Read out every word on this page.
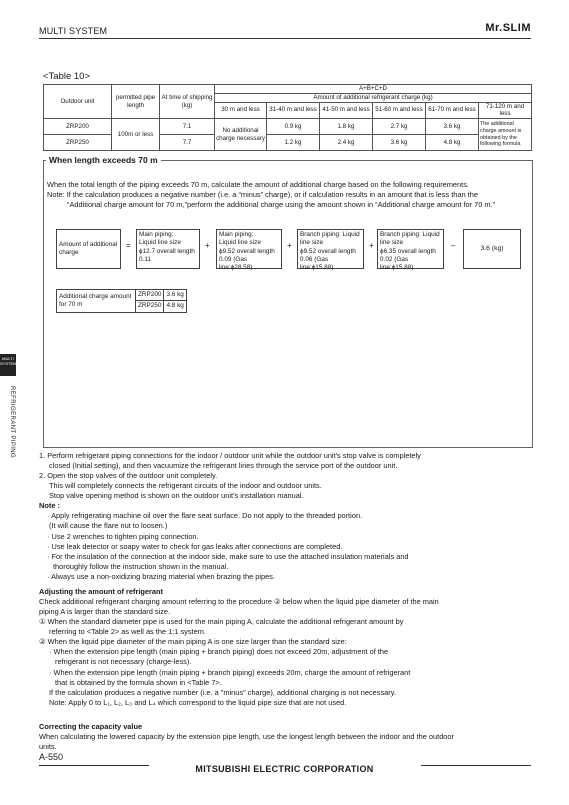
MULTI SYSTEM	Mr.SLIM
<Table 10>
Outdoor unit	permitted pipe length	At time of shipping (kg)	A+B+C+D					
			Amount of additional refrigerant charge (kg)					
			30 m and less	31-40 m and less	41-50 m and less	51-60 m and less	61-70 m and less	71-120 m and less
ZRP200	100m or less	7.1	No additional charge necessary	0.9 kg	1.8 kg	2.7 kg	3.6 kg	The additional charge amount is obtained by the following formula
ZRP250		7.7		1.2 kg	2.4 kg	3.6 kg	4.8 kg	
When length exceeds 70 m

When the total length of the piping exceeds 70 m, calculate the amount of additional charge based on the following requirements.

Note: If the calculation produces a negative number (i.e. a “minus” charge), or if calculation results in an amount that is less than the

“Additional charge amount for 70 m,”perform the additional charge using the amount shown in “Additional charge amount for 70 m.”

Amount of additional charge
=
Main piping:
Liquid line size
ϕ12.7 overall length
0.11
+
Main piping:
Liquid line size
ϕ9.52 overall length
0.09 (Gas line:ϕ28.58)
+
Branch piping: Liquid
line size
ϕ9.52 overall length
0.06 (Gas line:ϕ15.88)
+
Branch piping: Liquid
line size
ϕ6.35 overall length
0.02 (Gas line:ϕ15.88)
–	3.6 (kg)
Additional charge amount for 70 m	ZRP200	3.6 kg
	ZRP250	4.8 kg
MULTI SYSTEM
REFRIGERANT PIPING	1. Perform refrigerant piping connections for the indoor / outdoor unit while the outdoor unit's stop valve is completely

closed (Initial setting), and then vacuumize the refrigerant lines through the service port of the outdoor unit.

2. Open the stop valves of the outdoor unit completely.

This will completely connects the refrigerant circuits of the indoor and outdoor units.

Stop valve opening method is shown on the outdoor unit's installation manual.

Note :

· Apply refrigerating machine oil over the flare seat surface. Do not apply to the threaded portion.

(It will cause the flare nut to loosen.)

· Use 2 wrenches to tighten piping connection.

· Use leak detector or soapy water to check for gas leaks after connections are completed.

· For the insulation of the connection at the indoor side, make sure to use the attached insulation materials and

thoroughly follow the instruction shown in the manual.

· Always use a non-oxidizing brazing material when brazing the pipes.

Adjusting the amount of refrigerant

Check additional refrigerant charging amount referring to the procedure ② below when the liquid pipe diameter of the main

piping A is larger than the standard size.

① When the standard diameter pipe is used for the main piping A, calculate the additional refrigerant amount by

referring to <Table 2> as well as the 1:1 system.

② When the liquid pipe diameter of the main piping A is one size larger than the standard size:

· When the extension pipe length (main piping + branch piping) does not exceed 20m, adjustment of the

refrigerant is not necessary (charge-less).

· When the extension pipe length (main piping + branch piping) exceeds 20m, charge the amount of refrigerant

that is obtained by the formula shown in <Table 7>.

If the calculation produces a negative number (i.e. a "minus" charge), additional charging is not necessary.

Note: Apply 0 to L₁, L₂, L₃ and L₄ which correspond to the liquid pipe size that are not used.

Correcting the capacity value

When calculating the lowered capacity by the extension pipe length, use the longest length between the indoor and the outdoor

units.

A-550
MITSUBISHI ELECTRIC CORPORATION
